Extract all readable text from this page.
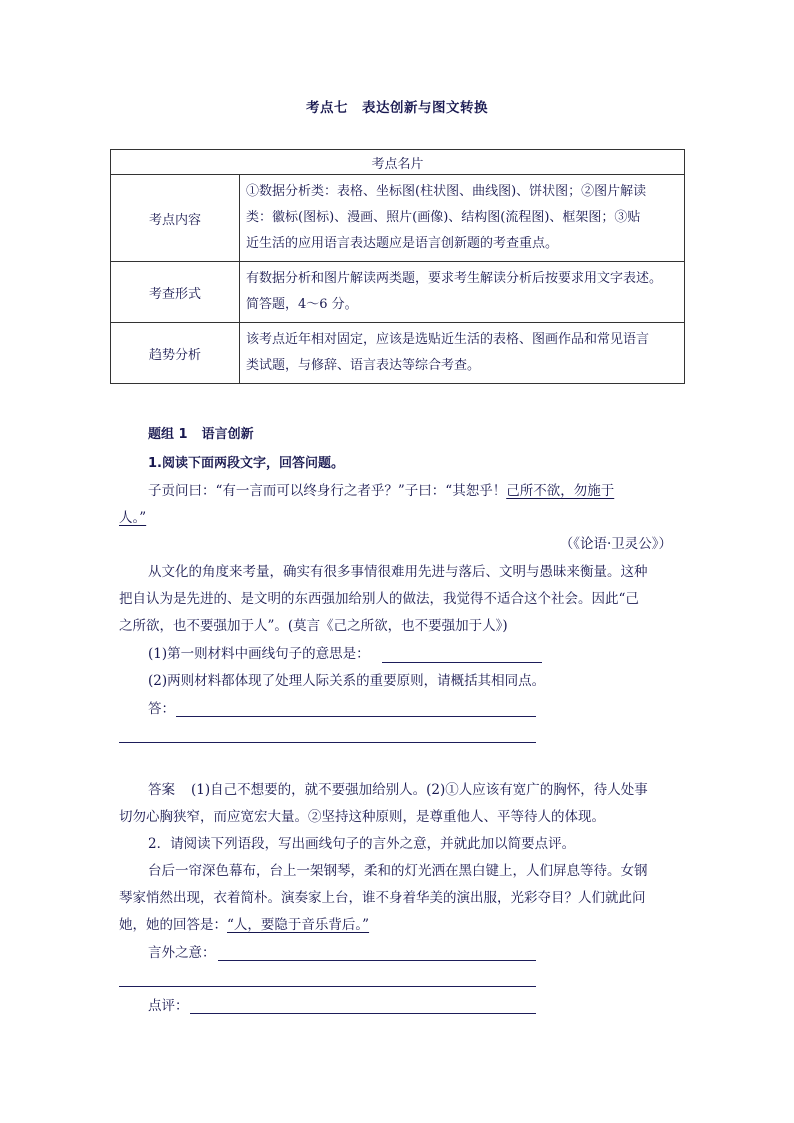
考点七　表达创新与图文转换
考点名片	
考点内容	①数据分析类：表格、坐标图(柱状图、曲线图)、饼状图；②图片解读
类：徽标(图标)、漫画、照片(画像)、结构图(流程图)、框架图；③贴
近生活的应用语言表达题应是语言创新题的考查重点。

考查形式	有数据分析和图片解读两类题，要求考生解读分析后按要求用文字表述。
简答题，4～6 分。

趋势分析	该考点近年相对固定，应该是选贴近生活的表格、图画作品和常见语言
类试题，与修辞、语言表达等综合考查。
题组 1 语言创新
1.阅读下面两段文字，回答问题。
子贡问曰：“有一言而可以终身行之者乎？”子曰：“其恕乎！己所不欲，勿施于
人。”
（《论语·卫灵公》）
从文化的角度来考量，确实有很多事情很难用先进与落后、文明与愚昧来衡量。这种
把自认为是先进的、是文明的东西强加给别人的做法，我觉得不适合这个社会。因此“己
之所欲，也不要强加于人”。(莫言《己之所欲，也不要强加于人》)
(1)第一则材料中画线句子的意思是：
(2)两则材料都体现了处理人际关系的重要原则，请概括其相同点。
答：
答案 (1)自己不想要的，就不要强加给别人。(2)①人应该有宽广的胸怀，待人处事
切勿心胸狭窄，而应宽宏大量。②坚持这种原则，是尊重他人、平等待人的体现。
2．请阅读下列语段，写出画线句子的言外之意，并就此加以简要点评。
台后一帘深色幕布，台上一架钢琴，柔和的灯光洒在黑白键上，人们屏息等待。女钢
琴家悄然出现，衣着简朴。演奏家上台，谁不身着华美的演出服，光彩夺目？人们就此问
她，她的回答是：“人，要隐于音乐背后。”
言外之意：
点评：
